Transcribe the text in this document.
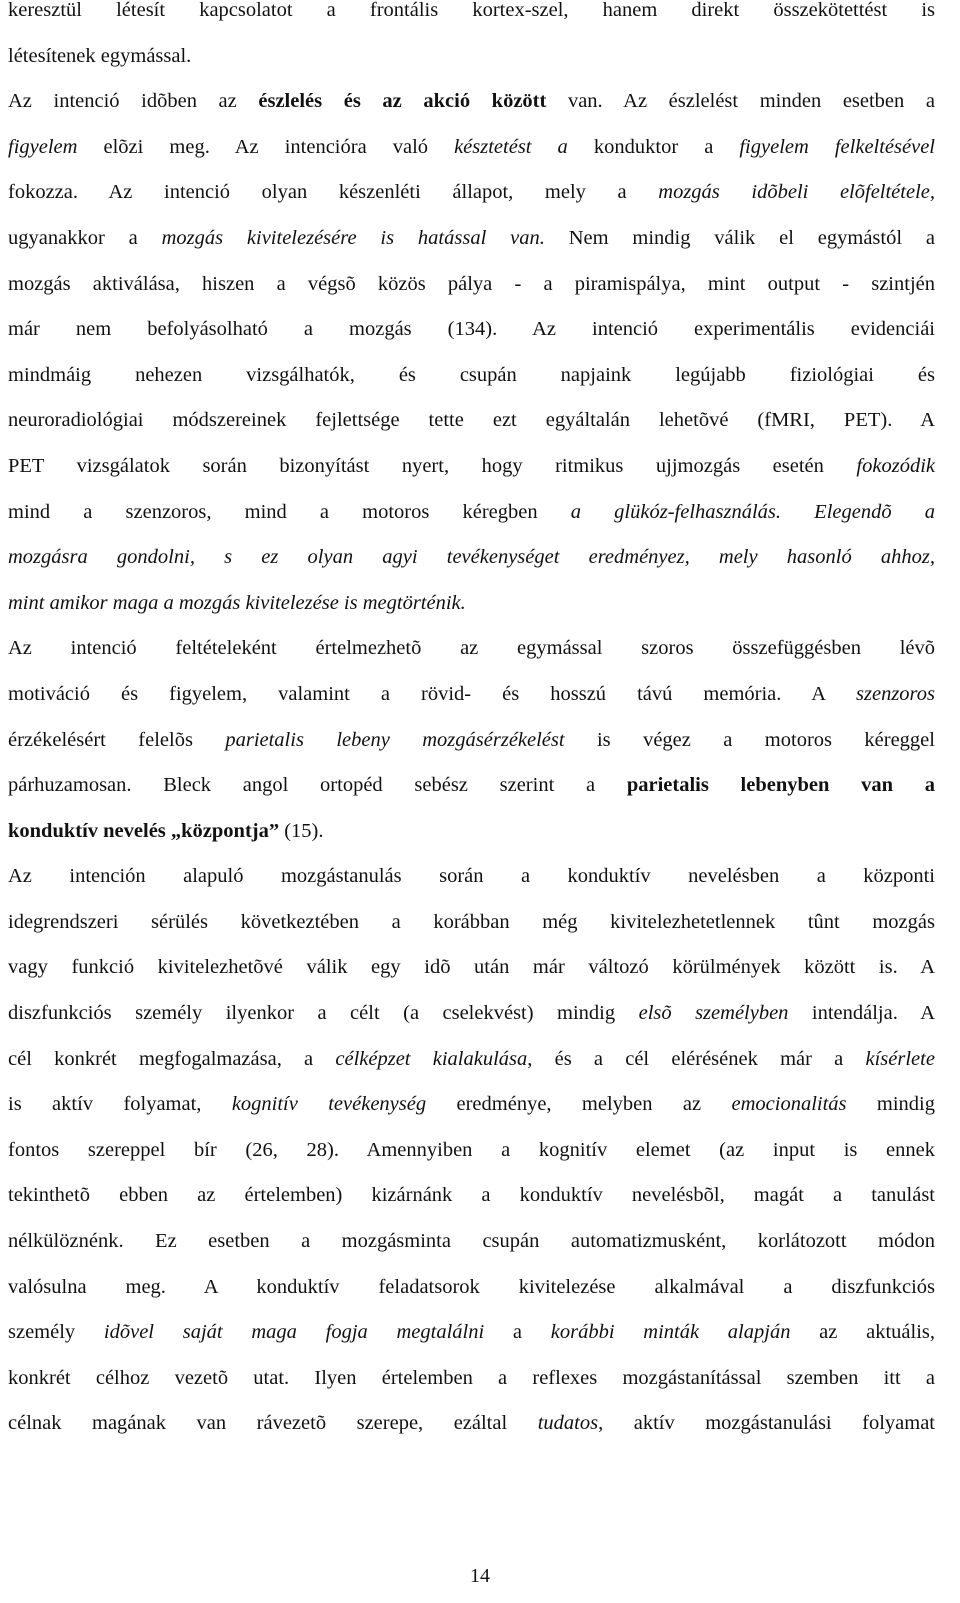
keresztül létesít kapcsolatot a frontális kortex-szel, hanem direkt összekötettést is
létesítenek egymással.
Az intenció idõben az észlelés és az akció között van. Az észlelést minden esetben a
figyelem elõzi meg. Az intencióra való késztetést a konduktor a figyelem felkeltésével
fokozza. Az intenció olyan készenléti állapot, mely a mozgás idõbeli elõfeltétele,
ugyanakkor a mozgás kivitelezésére is hatással van. Nem mindig válik el egymástól a
mozgás aktiválása, hiszen a végsõ közös pálya - a piramispálya, mint output - szintjén
már nem befolyásolható a mozgás (134). Az intenció experimentális evidenciái
mindmáig nehezen vizsgálhatók, és csupán napjaink legújabb fiziológiai és
neuroradiológiai módszereinek fejlettsége tette ezt egyáltalán lehetõvé (fMRI, PET). A
PET vizsgálatok során bizonyítást nyert, hogy ritmikus ujjmozgás esetén fokozódik
mind a szenzoros, mind a motoros kéregben a glükóz-felhasználás. Elegendõ a
mozgásra gondolni, s ez olyan agyi tevékenységet eredményez, mely hasonló ahhoz,
mint amikor maga a mozgás kivitelezése is megtörténik.
Az intenció feltételeként értelmezhetõ az egymással szoros összefüggésben lévõ
motiváció és figyelem, valamint a rövid- és hosszú távú memória. A szenzoros
érzékelésért felelõs parietalis lebeny mozgásérzékelést is végez a motoros kéreggel
párhuzamosan. Bleck angol ortopéd sebész szerint a parietalis lebenyben van a
konduktív nevelés „központja” (15).
Az intención alapuló mozgástanulás során a konduktív nevelésben a központi
idegrendszeri sérülés következtében a korábban még kivitelezhetetlennek tûnt mozgás
vagy funkció kivitelezhetõvé válik egy idõ után már változó körülmények között is. A
diszfunkciós személy ilyenkor a célt (a cselekvést) mindig elsõ személyben intendálja. A
cél konkrét megfogalmazása, a célképzet kialakulása, és a cél elérésének már a kísérlete
is aktív folyamat, kognitív tevékenység eredménye, melyben az emocionalitás mindig
fontos szereppel bír (26, 28). Amennyiben a kognitív elemet (az input is ennek
tekinthetõ ebben az értelemben) kizárnánk a konduktív nevelésbõl, magát a tanulást
nélkülöznénk. Ez esetben a mozgásminta csupán automatizmusként, korlátozott módon
valósulna meg. A konduktív feladatsorok kivitelezése alkalmával a diszfunkciós
személy idõvel saját maga fogja megtalálni a korábbi minták alapján az aktuális,
konkrét célhoz vezetõ utat. Ilyen értelemben a reflexes mozgástanítással szemben itt a
célnak magának van rávezetõ szerepe, ezáltal tudatos, aktív mozgástanulási folyamat
14
